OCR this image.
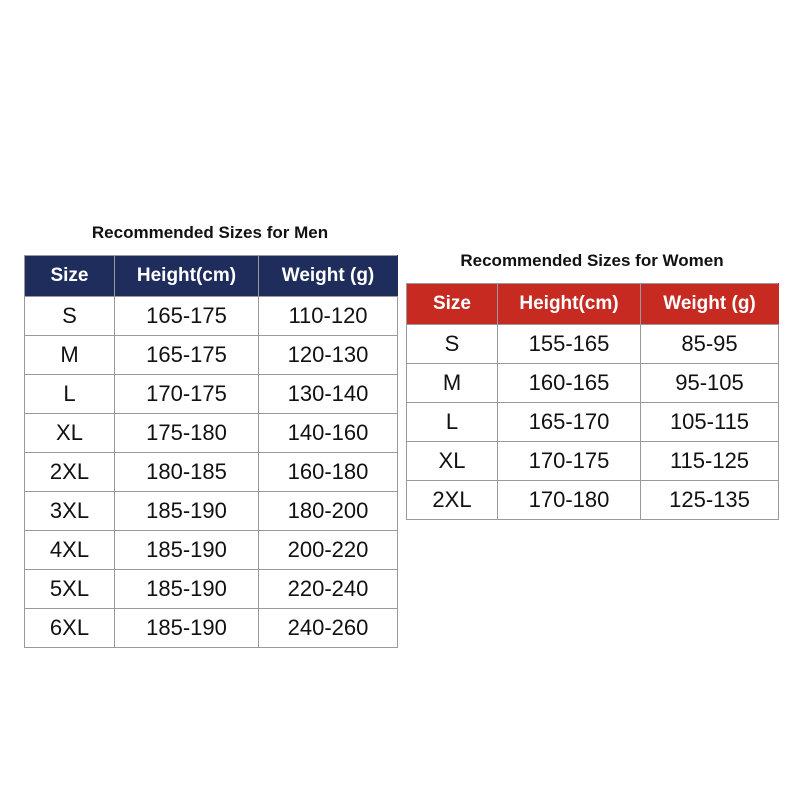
Recommended Sizes for Men
Size	Height(cm)	Weight (g)
S	165-175	110-120
M	165-175	120-130
L	170-175	130-140
XL	175-180	140-160
2XL	180-185	160-180
3XL	185-190	180-200
4XL	185-190	200-220
5XL	185-190	220-240
6XL	185-190	240-260
Recommended Sizes for Women
Size	Height(cm)	Weight (g)
S	155-165	85-95
M	160-165	95-105
L	165-170	105-115
XL	170-175	115-125
2XL	170-180	125-135
